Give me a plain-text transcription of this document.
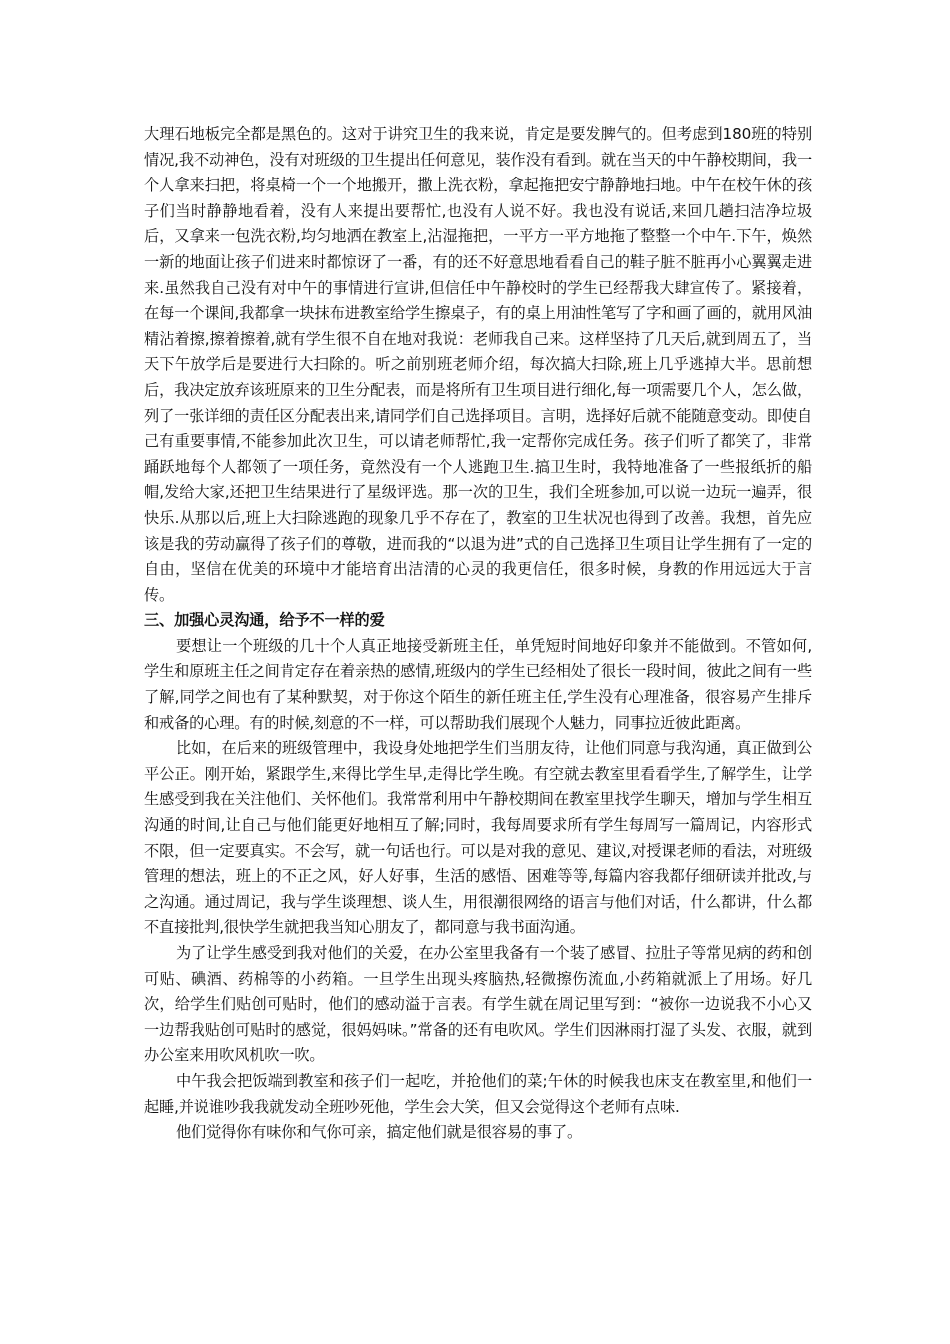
大理石地板完全都是黑色的。这对于讲究卫生的我来说，肯定是要发脾气的。但考虑到180班的特别情况,我不动神色，没有对班级的卫生提出任何意见，装作没有看到。就在当天的中午静校期间，我一个人拿来扫把，将桌椅一个一个地搬开，撒上洗衣粉，拿起拖把安宁静静地扫地。中午在校午休的孩子们当时静静地看着，没有人来提出要帮忙,也没有人说不好。我也没有说话,来回几趟扫洁净垃圾后，又拿来一包洗衣粉,均匀地洒在教室上,沾湿拖把，一平方一平方地拖了整整一个中午.下午，焕然一新的地面让孩子们进来时都惊讶了一番，有的还不好意思地看看自己的鞋子脏不脏再小心翼翼走进来.虽然我自己没有对中午的事情进行宣讲,但信任中午静校时的学生已经帮我大肆宣传了。紧接着，在每一个课间,我都拿一块抹布进教室给学生擦桌子，有的桌上用油性笔写了字和画了画的，就用风油精沾着擦,擦着擦着,就有学生很不自在地对我说：老师我自己来。这样坚持了几天后,就到周五了，当天下午放学后是要进行大扫除的。听之前别班老师介绍，每次搞大扫除,班上几乎逃掉大半。思前想后，我决定放弃该班原来的卫生分配表，而是将所有卫生项目进行细化,每一项需要几个人，怎么做，列了一张详细的责任区分配表出来,请同学们自己选择项目。言明，选择好后就不能随意变动。即使自己有重要事情,不能参加此次卫生，可以请老师帮忙,我一定帮你完成任务。孩子们听了都笑了，非常踊跃地每个人都领了一项任务，竟然没有一个人逃跑卫生.搞卫生时，我特地准备了一些报纸折的船帽,发给大家,还把卫生结果进行了星级评选。那一次的卫生，我们全班参加,可以说一边玩一遍弄，很快乐.从那以后,班上大扫除逃跑的现象几乎不存在了，教室的卫生状况也得到了改善。我想，首先应该是我的劳动赢得了孩子们的尊敬，进而我的“以退为进”式的自己选择卫生项目让学生拥有了一定的自由，坚信在优美的环境中才能培育出洁清的心灵的我更信任，很多时候，身教的作用远远大于言传。

三、加强心灵沟通，给予不一样的爱

要想让一个班级的几十个人真正地接受新班主任，单凭短时间地好印象并不能做到。不管如何,学生和原班主任之间肯定存在着亲热的感情,班级内的学生已经相处了很长一段时间，彼此之间有一些了解,同学之间也有了某种默契，对于你这个陌生的新任班主任,学生没有心理准备，很容易产生排斥和戒备的心理。有的时候,刻意的不一样，可以帮助我们展现个人魅力，同事拉近彼此距离。

比如，在后来的班级管理中，我设身处地把学生们当朋友待，让他们同意与我沟通，真正做到公平公正。刚开始，紧跟学生,来得比学生早,走得比学生晚。有空就去教室里看看学生,了解学生，让学生感受到我在关注他们、关怀他们。我常常利用中午静校期间在教室里找学生聊天，增加与学生相互沟通的时间,让自己与他们能更好地相互了解;同时，我每周要求所有学生每周写一篇周记，内容形式不限，但一定要真实。不会写，就一句话也行。可以是对我的意见、建议,对授课老师的看法，对班级管理的想法，班上的不正之风，好人好事，生活的感悟、困难等等,每篇内容我都仔细研读并批改,与之沟通。通过周记，我与学生谈理想、谈人生，用很潮很网络的语言与他们对话，什么都讲，什么都不直接批判,很快学生就把我当知心朋友了，都同意与我书面沟通。

为了让学生感受到我对他们的关爱，在办公室里我备有一个装了感冒、拉肚子等常见病的药和创可贴、碘酒、药棉等的小药箱。一旦学生出现头疼脑热,轻微擦伤流血,小药箱就派上了用场。好几次，给学生们贴创可贴时，他们的感动溢于言表。有学生就在周记里写到：“被你一边说我不小心又一边帮我贴创可贴时的感觉，很妈妈味。”常备的还有电吹风。学生们因淋雨打湿了头发、衣服，就到办公室来用吹风机吹一吹。

中午我会把饭端到教室和孩子们一起吃，并抢他们的菜;午休的时候我也床支在教室里,和他们一起睡,并说谁吵我我就发动全班吵死他，学生会大笑，但又会觉得这个老师有点味.

他们觉得你有味你和气你可亲，搞定他们就是很容易的事了。
